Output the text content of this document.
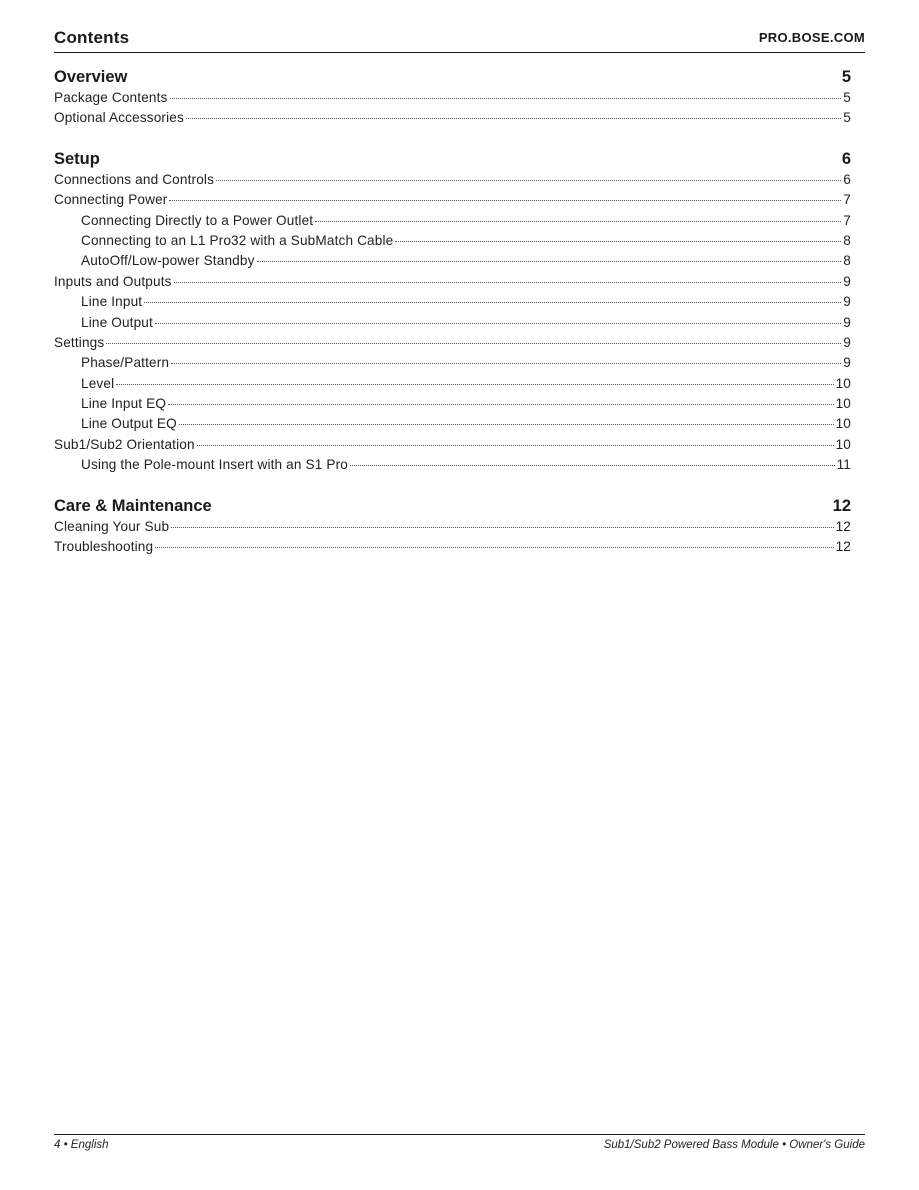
Contents	PRO.BOSE.COM
Overview	5
Package Contents	5
Optional Accessories	5
Setup	6
Connections and Controls	6
Connecting Power	7
Connecting Directly to a Power Outlet	7
Connecting to an L1 Pro32 with a SubMatch Cable	8
AutoOff/Low-power Standby	8
Inputs and Outputs	9
Line Input	9
Line Output	9
Settings	9
Phase/Pattern	9
Level	10
Line Input EQ	10
Line Output EQ	10
Sub1/Sub2 Orientation	10
Using the Pole-mount Insert with an S1 Pro	11
Care & Maintenance	12
Cleaning Your Sub	12
Troubleshooting	12
4 • English	Sub1/Sub2 Powered Bass Module • Owner's Guide
